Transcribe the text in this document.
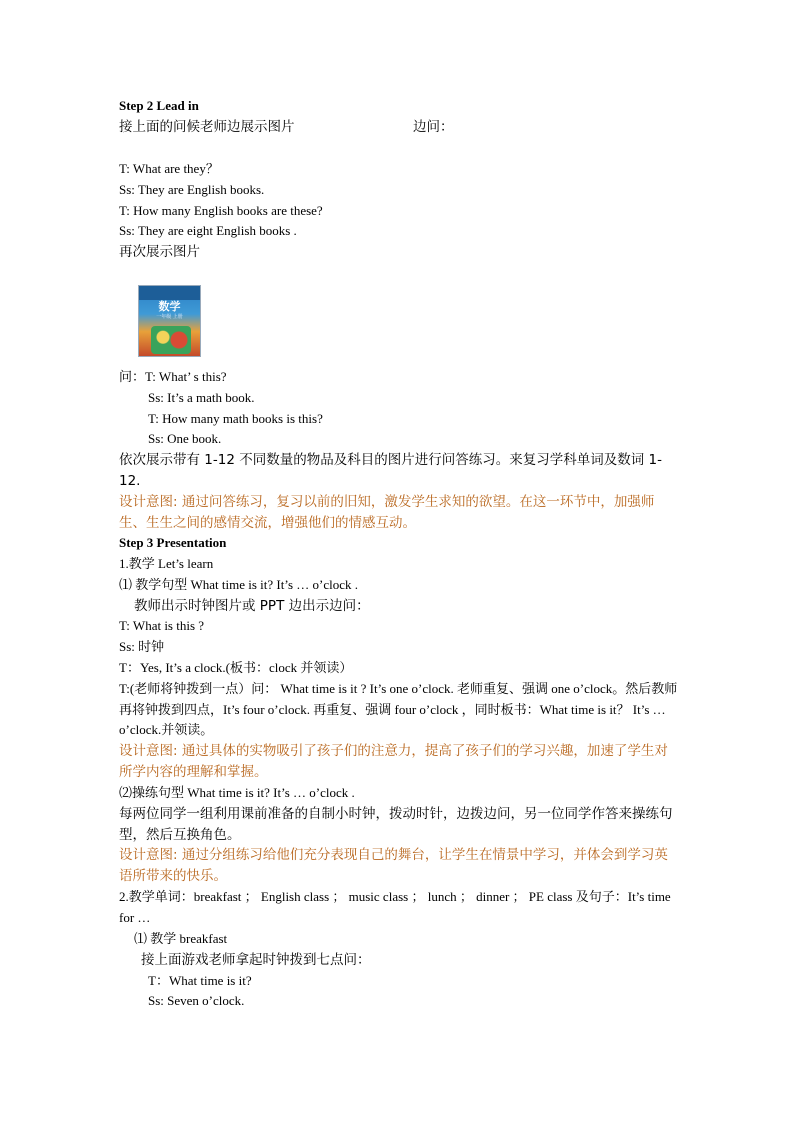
Step 2 Lead in
接上面的问候老师边展示图片	边问：
T: What are they？
Ss: They are English books.
T: How many English books are these?
Ss: They are eight English books .
再次展示图片
数学
一年级 上册
问：T: What’ s this?
Ss: It’s a math book.
T: How many math books is this?
Ss: One book.
依次展示带有 1-12 不同数量的物品及科目的图片进行问答练习。来复习学科单词及数词 1-12.
设计意图: 通过问答练习，复习以前的旧知，激发学生求知的欲望。在这一环节中，加强师生、生生之间的感情交流，增强他们的情感互动。
Step 3 Presentation
1.教学 Let’s learn
⑴ 教学句型 What time is it? It’s … o’clock .
教师出示时钟图片或 PPT 边出示边问：
T: What is this ?
Ss: 时钟
T：Yes, It’s a clock.(板书：clock 并领读）
T:(老师将钟拨到一点）问： What time is it ? It’s one o’clock. 老师重复、强调 one o’clock。然后教师再将钟拨到四点，It’s four o’clock. 再重复、强调 four o’clock ，同时板书：What time is it？ It’s …o’clock.并领读。
设计意图: 通过具体的实物吸引了孩子们的注意力，提高了孩子们的学习兴趣，加速了学生对所学内容的理解和掌握。
⑵操练句型 What time is it? It’s … o’clock .
每两位同学一组利用课前准备的自制小时钟，拨动时针，边拨边问，另一位同学作答来操练句型，然后互换角色。
设计意图: 通过分组练习给他们充分表现自己的舞台，让学生在情景中学习，并体会到学习英语所带来的快乐。
2.教学单词：breakfast ； English class ； music class ； lunch ； dinner ； PE class 及句子：It’s time for …
⑴ 教学 breakfast
接上面游戏老师拿起时钟拨到七点问：
T：What time is it?
Ss: Seven o’clock.
